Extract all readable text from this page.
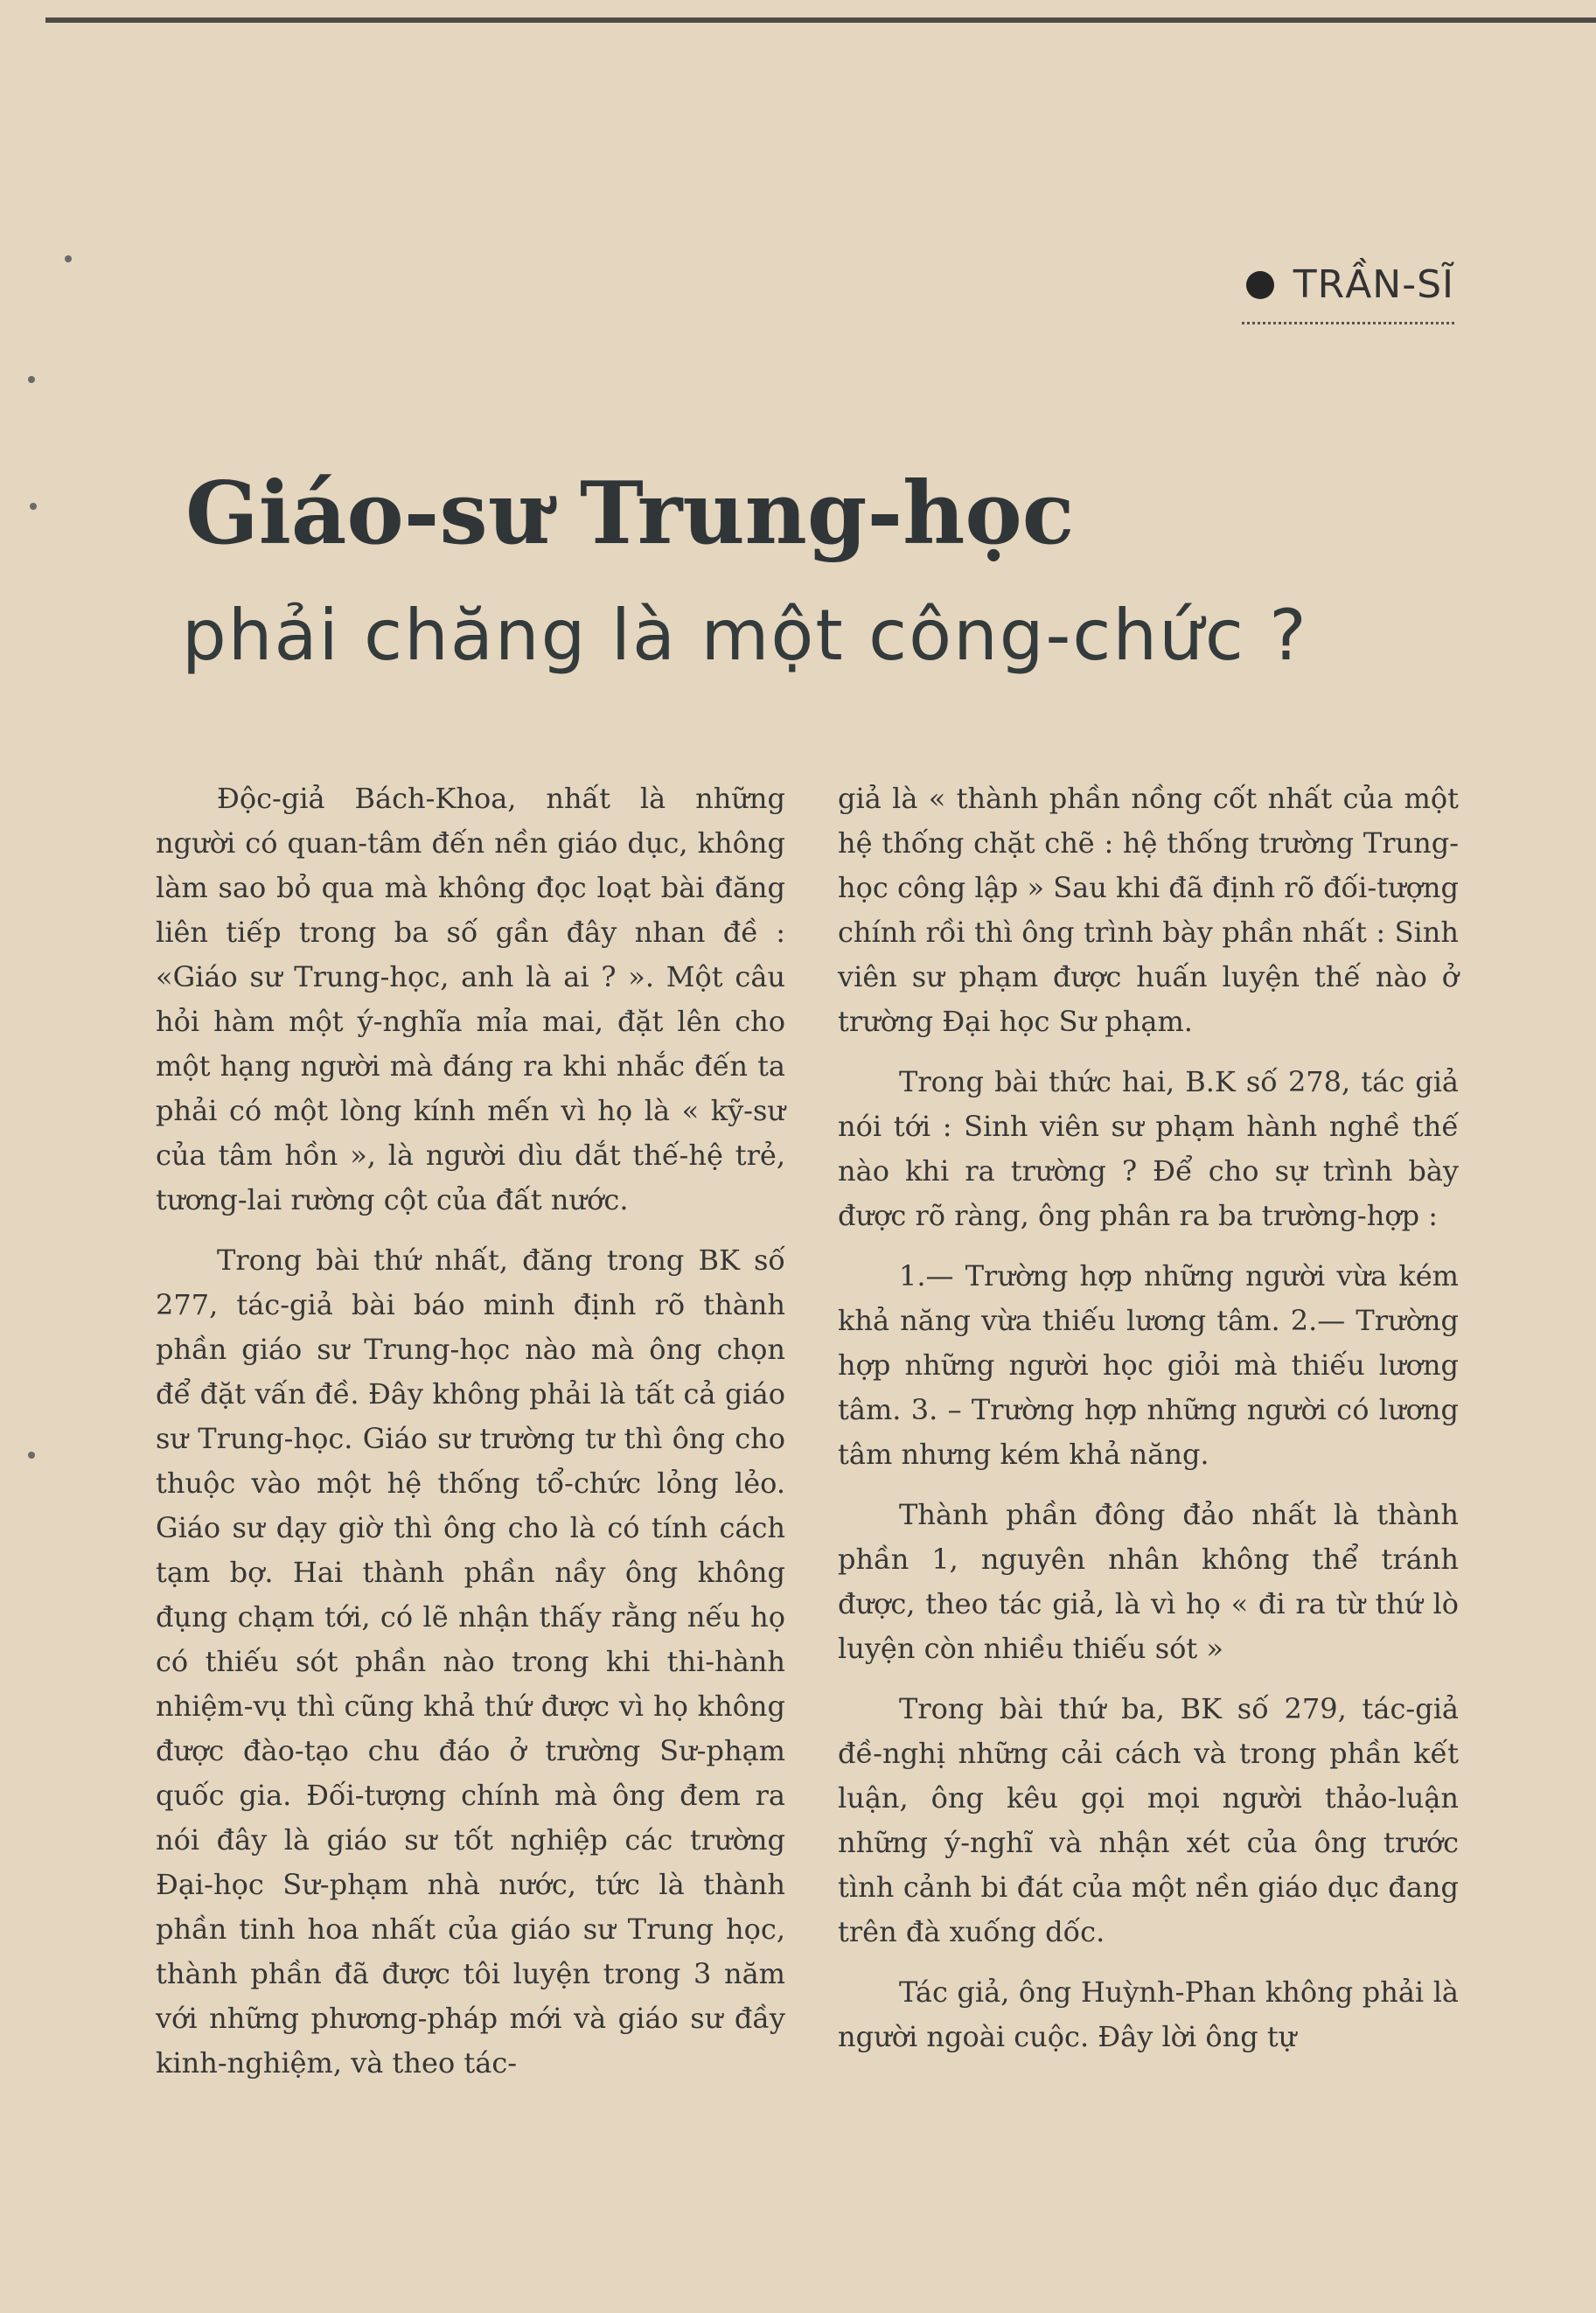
TRẦN-SĨ
Giáo-sư Trung-học
phải chăng là một công-chức ?

Độc-giả Bách-Khoa, nhất là những người có quan-tâm đến nền giáo dục, không làm sao bỏ qua mà không đọc loạt bài đăng liên tiếp trong ba số gần đây nhan đề : «Giáo sư Trung-học, anh là ai ? ». Một câu hỏi hàm một ý-nghĩa mỉa mai, đặt lên cho một hạng người mà đáng ra khi nhắc đến ta phải có một lòng kính mến vì họ là « kỹ-sư của tâm hồn », là người dìu dắt thế-hệ trẻ, tương-lai rường cột của đất nước.

Trong bài thứ nhất, đăng trong BK số 277, tác-giả bài báo minh định rõ thành phần giáo sư Trung-học nào mà ông chọn để đặt vấn đề. Đây không phải là tất cả giáo sư Trung-học. Giáo sư trường tư thì ông cho thuộc vào một hệ thống tổ-chức lỏng lẻo. Giáo sư dạy giờ thì ông cho là có tính cách tạm bợ. Hai thành phần nầy ông không đụng chạm tới, có lẽ nhận thấy rằng nếu họ có thiếu sót phần nào trong khi thi-hành nhiệm-vụ thì cũng khả thứ được vì họ không được đào-tạo chu đáo ở trường Sư-phạm quốc gia. Đối-tượng chính mà ông đem ra nói đây là giáo sư tốt nghiệp các trường Đại-học Sư-phạm nhà nước, tức là thành phần tinh hoa nhất của giáo sư Trung học, thành phần đã được tôi luyện trong 3 năm với những phương-pháp mới và giáo sư đầy kinh-nghiệm, và theo tác-

giả là « thành phần nồng cốt nhất của một hệ thống chặt chẽ : hệ thống trường Trung-học công lập » Sau khi đã định rõ đối-tượng chính rồi thì ông trình bày phần nhất : Sinh viên sư phạm được huấn luyện thế nào ở trường Đại học Sư phạm.

Trong bài thức hai, B.K số 278, tác giả nói tới : Sinh viên sư phạm hành nghề thế nào khi ra trường ? Để cho sự trình bày được rõ ràng, ông phân ra ba trường-hợp :

1.— Trường hợp những người vừa kém khả năng vừa thiếu lương tâm. 2.— Trường hợp những người học giỏi mà thiếu lương tâm. 3. – Trường hợp những người có lương tâm nhưng kém khả năng.

Thành phần đông đảo nhất là thành phần 1, nguyên nhân không thể tránh được, theo tác giả, là vì họ « đi ra từ thứ lò luyện còn nhiều thiếu sót »

Trong bài thứ ba, BK số 279, tác-giả đề-nghị những cải cách và trong phần kết luận, ông kêu gọi mọi người thảo-luận những ý-nghĩ và nhận xét của ông trước tình cảnh bi đát của một nền giáo dục đang trên đà xuống dốc.

Tác giả, ông Huỳnh-Phan không phải là người ngoài cuộc. Đây lời ông tự
